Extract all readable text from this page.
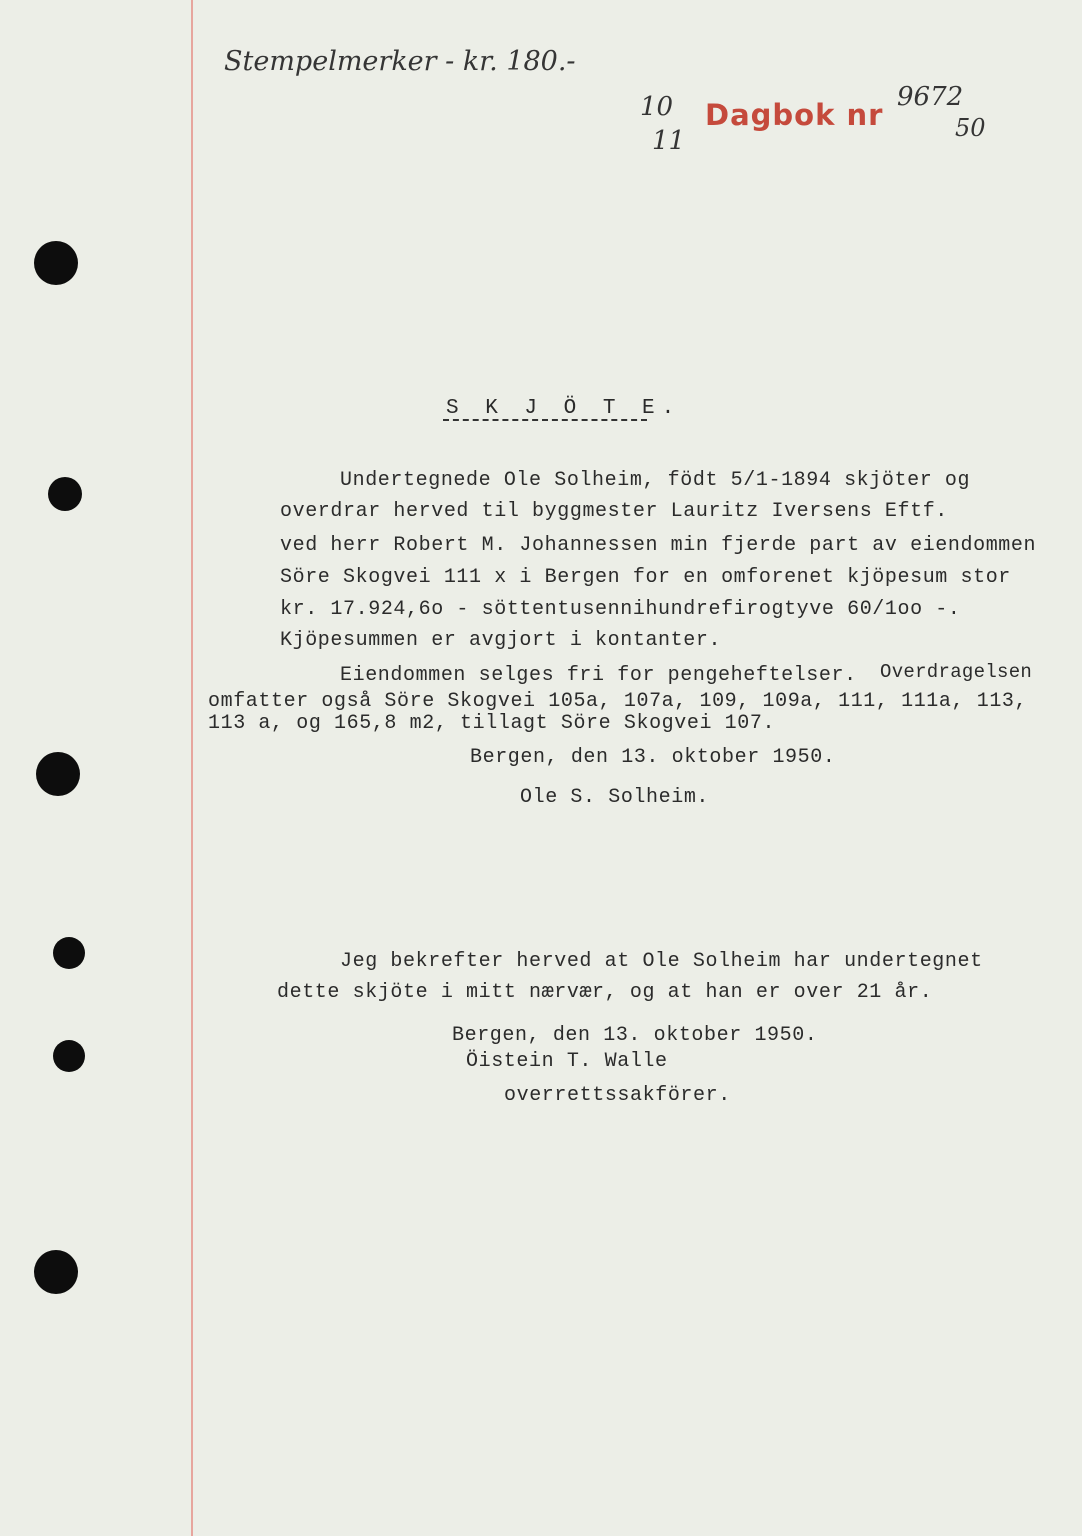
Stempelmerker - kr. 180.-
10
11
9672
50
Dagbok nr
S K J Ö T E.
Undertegnede Ole Solheim, födt 5/1-1894 skjöter og
overdrar herved til byggmester Lauritz Iversens Eftf.
ved herr Robert M. Johannessen min fjerde part av eiendommen
Söre Skogvei 111 x i Bergen for en omforenet kjöpesum stor
kr. 17.924,6o - söttentusennihundrefirogtyve 60/1oo -.
Kjöpesummen er avgjort i kontanter.
Eiendommen selges fri for pengeheftelser. Overdragelsen
omfatter også Söre Skogvei 105a, 107a, 109, 109a, 111, 111a, 113,
113 a, og 165,8 m2, tillagt Söre Skogvei 107.
Bergen, den 13. oktober 1950.
Ole S. Solheim.
Jeg bekrefter herved at Ole Solheim har undertegnet
dette skjöte i mitt nærvær, og at han er over 21 år.
Bergen, den 13. oktober 1950.
Öistein T. Walle
overrettssakförer.
